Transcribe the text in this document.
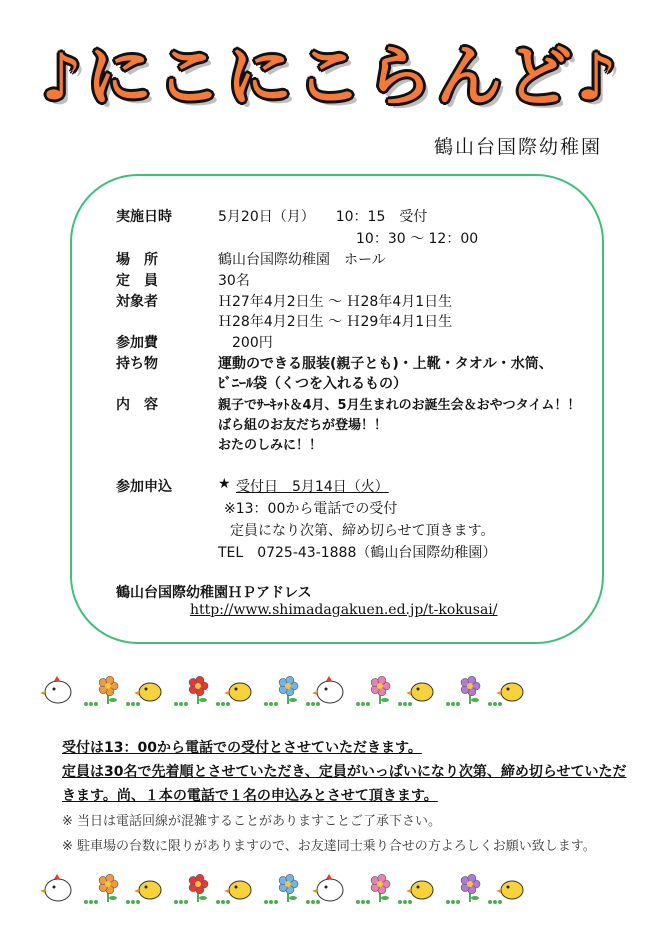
♪にこにこらんど♪
鶴山台国際幼稚園
実施日時	5月20日（月）　　10：15　受付
10：30 ～ 12：00
場　所	鶴山台国際幼稚園　ホール
定　員	30名
対象者	Ｈ27年4月2日生 ～ Ｈ28年4月1日生
Ｈ28年4月2日生 ～ Ｈ29年4月1日生
参加費	200円
持ち物	運動のできる服装(親子とも)・上靴・タオル・水筒、
ﾋﾞﾆｰﾙ袋（くつを入れるもの）
内　容	親子でｻｰｷｯﾄ＆4月、5月生まれのお誕生会＆おやつタイム！！
ばら組のお友だちが登場！！
おたのしみに！！
参加申込	★ 受付日　5月14日（火）
※13：00から電話での受付
定員になり次第、締め切らせて頂きます。
TEL　0725-43-1888（鶴山台国際幼稚園）
鶴山台国際幼稚園ＨＰアドレス
http://www.shimadagakuen.ed.jp/t-kokusai/
受付は13：00から電話での受付とさせていただきます。
定員は30名で先着順とさせていただき、定員がいっぱいになり次第、締め切らせていただ
きます。尚、１本の電話で１名の申込みとさせて頂きます。
※ 当日は電話回線が混雑することがありますことご了承下さい。
※ 駐車場の台数に限りがありますので、お友達同士乗り合せの方よろしくお願い致します。
